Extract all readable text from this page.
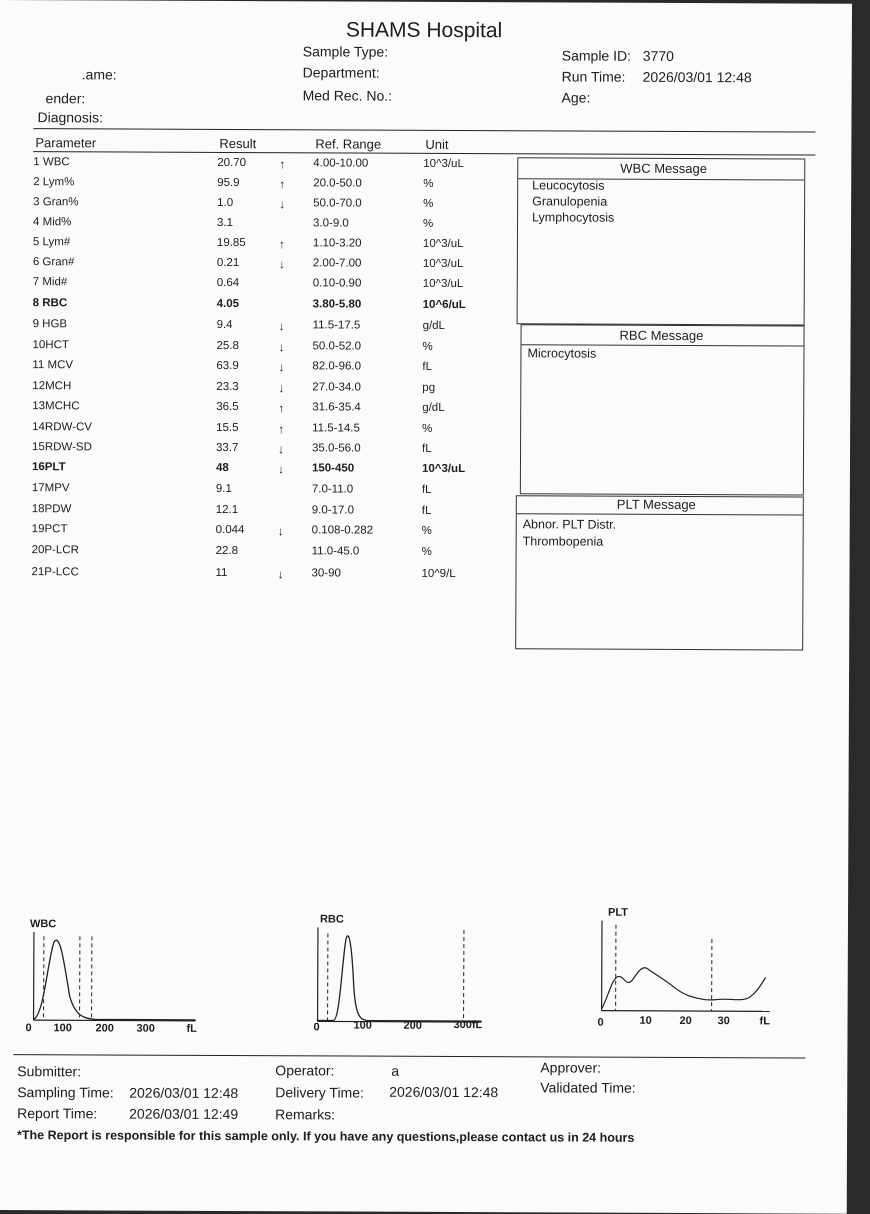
SHAMS Hospital
.ame:
ender:
Diagnosis:
Sample Type:
Department:
Med Rec. No.:
Sample ID: 3770
Run Time: 2026/03/01 12:48
Age:
Parameter	Result	Ref. Range	Unit
1 WBC	20.70	↑ 4.00-10.00	10^3/uL
2 Lym%	95.9	↑ 20.0-50.0	%
3 Gran%	1.0	↓ 50.0-70.0	%
4 Mid%	3.1	3.0-9.0	%
5 Lym#	19.85	↑ 1.10-3.20	10^3/uL
6 Gran#	0.21	↓ 2.00-7.00	10^3/uL
7 Mid#	0.64	0.10-0.90	10^3/uL
8 RBC	4.05	3.80-5.80	10^6/uL
9 HGB	9.4	↓ 11.5-17.5	g/dL
10HCT	25.8	↓ 50.0-52.0	%
11 MCV	63.9	↓ 82.0-96.0	fL
12MCH	23.3	↓ 27.0-34.0	pg
13MCHC	36.5	↑ 31.6-35.4	g/dL
14RDW-CV	15.5	↑ 11.5-14.5	%
15RDW-SD	33.7	↓ 35.0-56.0	fL
16PLT	48	↓ 150-450	10^3/uL
17MPV	9.1	7.0-11.0	fL
18PDW	12.1	9.0-17.0	fL
19PCT	0.044	↓ 0.108-0.282	%
20P-LCR	22.8	11.0-45.0	%
21P-LCC	11	↓ 30-90	10^9/L
WBC Message
Leucocytosis
Granulopenia
Lymphocytosis
RBC Message
Microcytosis
PLT Message
Abnor. PLT Distr.
Thrombopenia
WBC
0 100 200 300	fL
RBC
0	100	200	300fL
PLT
0	10	20 30	fL
Submitter:	Operator:	a	Approver:
Sampling Time: 2026/03/01 12:48	Delivery Time: 2026/03/01 12:48	Validated Time:
Report Time: 2026/03/01 12:49	Remarks:
*The Report is responsible for this sample only. If you have any questions,please contact us in 24 hours
